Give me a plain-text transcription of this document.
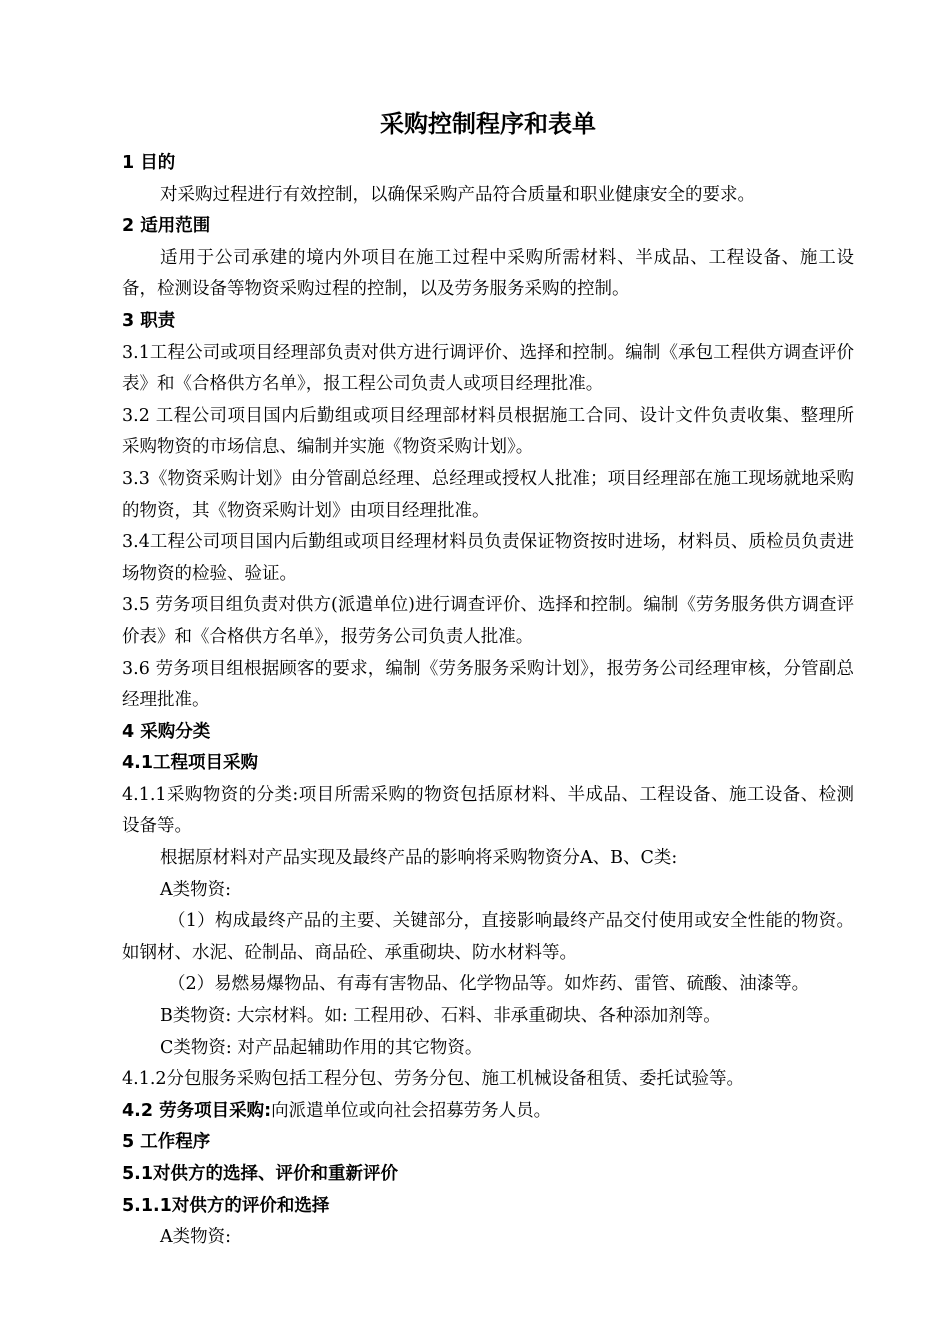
采购控制程序和表单

1 目的

对采购过程进行有效控制，以确保采购产品符合质量和职业健康安全的要求。

2 适用范围

适用于公司承建的境内外项目在施工过程中采购所需材料、半成品、工程设备、施工设备，检测设备等物资采购过程的控制，以及劳务服务采购的控制。

3 职责

3.1工程公司或项目经理部负责对供方进行调评价、选择和控制。编制《承包工程供方调查评价表》和《合格供方名单》，报工程公司负责人或项目经理批准。

3.2 工程公司项目国内后勤组或项目经理部材料员根据施工合同、设计文件负责收集、整理所采购物资的市场信息、编制并实施《物资采购计划》。

3.3《物资采购计划》由分管副总经理、总经理或授权人批准；项目经理部在施工现场就地采购的物资，其《物资采购计划》由项目经理批准。

3.4工程公司项目国内后勤组或项目经理材料员负责保证物资按时进场，材料员、质检员负责进场物资的检验、验证。

3.5 劳务项目组负责对供方(派遣单位)进行调查评价、选择和控制。编制《劳务服务供方调查评价表》和《合格供方名单》，报劳务公司负责人批准。

3.6 劳务项目组根据顾客的要求，编制《劳务服务采购计划》，报劳务公司经理审核，分管副总经理批准。

4 采购分类

4.1工程项目采购

4.1.1采购物资的分类:项目所需采购的物资包括原材料、半成品、工程设备、施工设备、检测设备等。

根据原材料对产品实现及最终产品的影响将采购物资分A、B、C类:

A类物资:

（1）构成最终产品的主要、关键部分，直接影响最终产品交付使用或安全性能的物资。如钢材、水泥、砼制品、商品砼、承重砌块、防水材料等。

（2）易燃易爆物品、有毒有害物品、化学物品等。如炸药、雷管、硫酸、油漆等。

B类物资: 大宗材料。如: 工程用砂、石料、非承重砌块、各种添加剂等。

C类物资: 对产品起辅助作用的其它物资。

4.1.2分包服务采购包括工程分包、劳务分包、施工机械设备租赁、委托试验等。

4.2 劳务项目采购:向派遣单位或向社会招募劳务人员。

5 工作程序

5.1对供方的选择、评价和重新评价

5.1.1对供方的评价和选择

A类物资:
